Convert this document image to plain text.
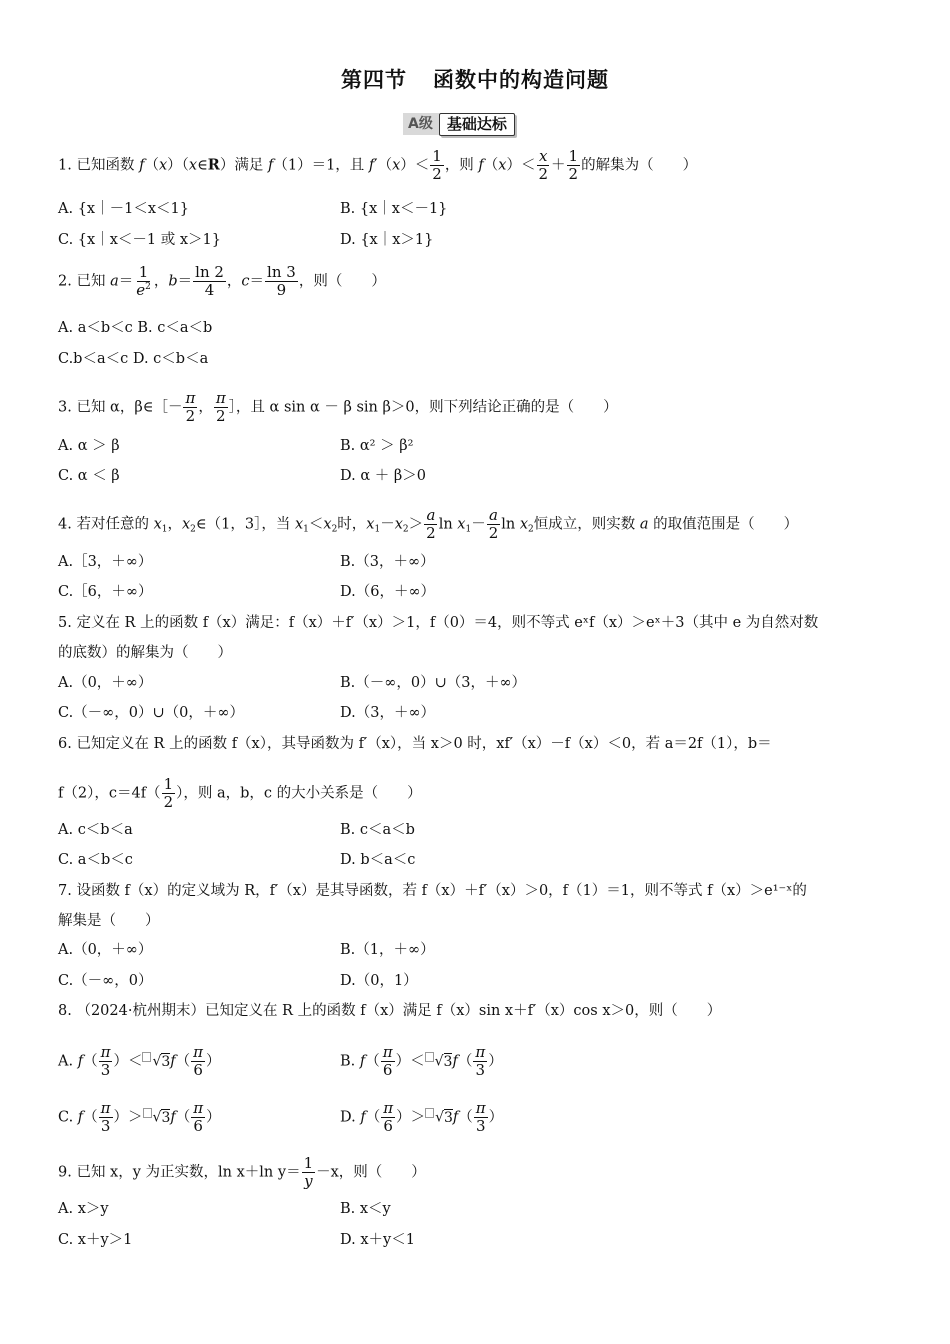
第四节 函数中的构造问题
A级 基础达标
1. 已知函数 f（x）（x∈R）满足 f（1）＝1，且 $f'(x)< \frac{1}{2}$ ，则 $f(x)< \frac{x}{2} + \frac{1}{2}$ 的解集为（　　）
A. {x｜－1＜x＜1}	B. {x｜x＜－1}
C. {x｜x＜－1 或 x＞1}	D. {x｜x＞1}
2. 已知 $a= \frac{1}{e^2}$ ，$b= \frac{\ln 2}{4}$ ，$c= \frac{\ln 3}{9}$ ，则（　　）
A. a＜b＜c B. c＜a＜b
C.b＜a＜c D. c＜b＜a
3. 已知 α，β∈［－ $\frac{\pi}{2}$ ， $\frac{\pi}{2}$ ］，且 α sin α － β sin β＞0，则下列结论正确的是（　　）
A. α ＞ β	B. α² ＞ β²
C. α ＜ β	D. α ＋ β＞0
4. 若对任意的 $x_1$，$x_2\in(1$，3］，当 $x_1<x_2$时，$x_1-x_2> \frac{a}{2}$ $\ln x_1- \frac{a}{2}$ $\ln x_2$恒成立，则实数 a 的取值范围是（　　）
A.［3，＋∞）	B.（3，＋∞）
C.［6，＋∞）	D.（6，＋∞）
5. 定义在 R 上的函数 f（x）满足：f（x）＋f′（x）＞1，f（0）＝4，则不等式 eˣf（x）＞eˣ＋3（其中 e 为自然对数
的底数）的解集为（　　）
A.（0，＋∞）	B.（－∞，0）∪（3，＋∞）
C.（－∞，0）∪（0，＋∞）	D.（3，＋∞）
6. 已知定义在 R 上的函数 f（x），其导函数为 f′（x），当 x＞0 时，xf′（x）－f（x）＜0，若 a＝2f（1），b＝
f（2），$c=4f( \frac{1}{2}$ ），则 a，b，c 的大小关系是（　　）
A. c＜b＜a	B. c＜a＜b
C. a＜b＜c	D. b＜a＜c
7. 设函数 f（x）的定义域为 R，f′（x）是其导函数，若 f（x）＋f′（x）＞0，f（1）＝1，则不等式 f（x）＞e¹⁻ˣ的
解集是（　　）
A.（0，＋∞）	B.（1，＋∞）
C.（－∞，0）	D.（0，1）
8. （2024·杭州期末）已知定义在 R 上的函数 f（x）满足 f（x）sin x＋f′（x）cos x＞0，则（　　）
A. $f( \frac{\pi}{3}$ ）＜ $√3f( \frac{\pi}{6}$ ）	B. $f( \frac{\pi}{6}$ ）＜ $√3f( \frac{\pi}{3}$ ）
C. $f( \frac{\pi}{3}$ ）＞ $√3f( \frac{\pi}{6}$ ）	D. $f( \frac{\pi}{6}$ ）＞ $√3f( \frac{\pi}{3}$ ）
9. 已知 x，y 为正实数，ln x＋ln $y= \frac{1}{y} -x$，则（　　）
A. x＞y	B. x＜y
C. x＋y＞1	D. x＋y＜1
